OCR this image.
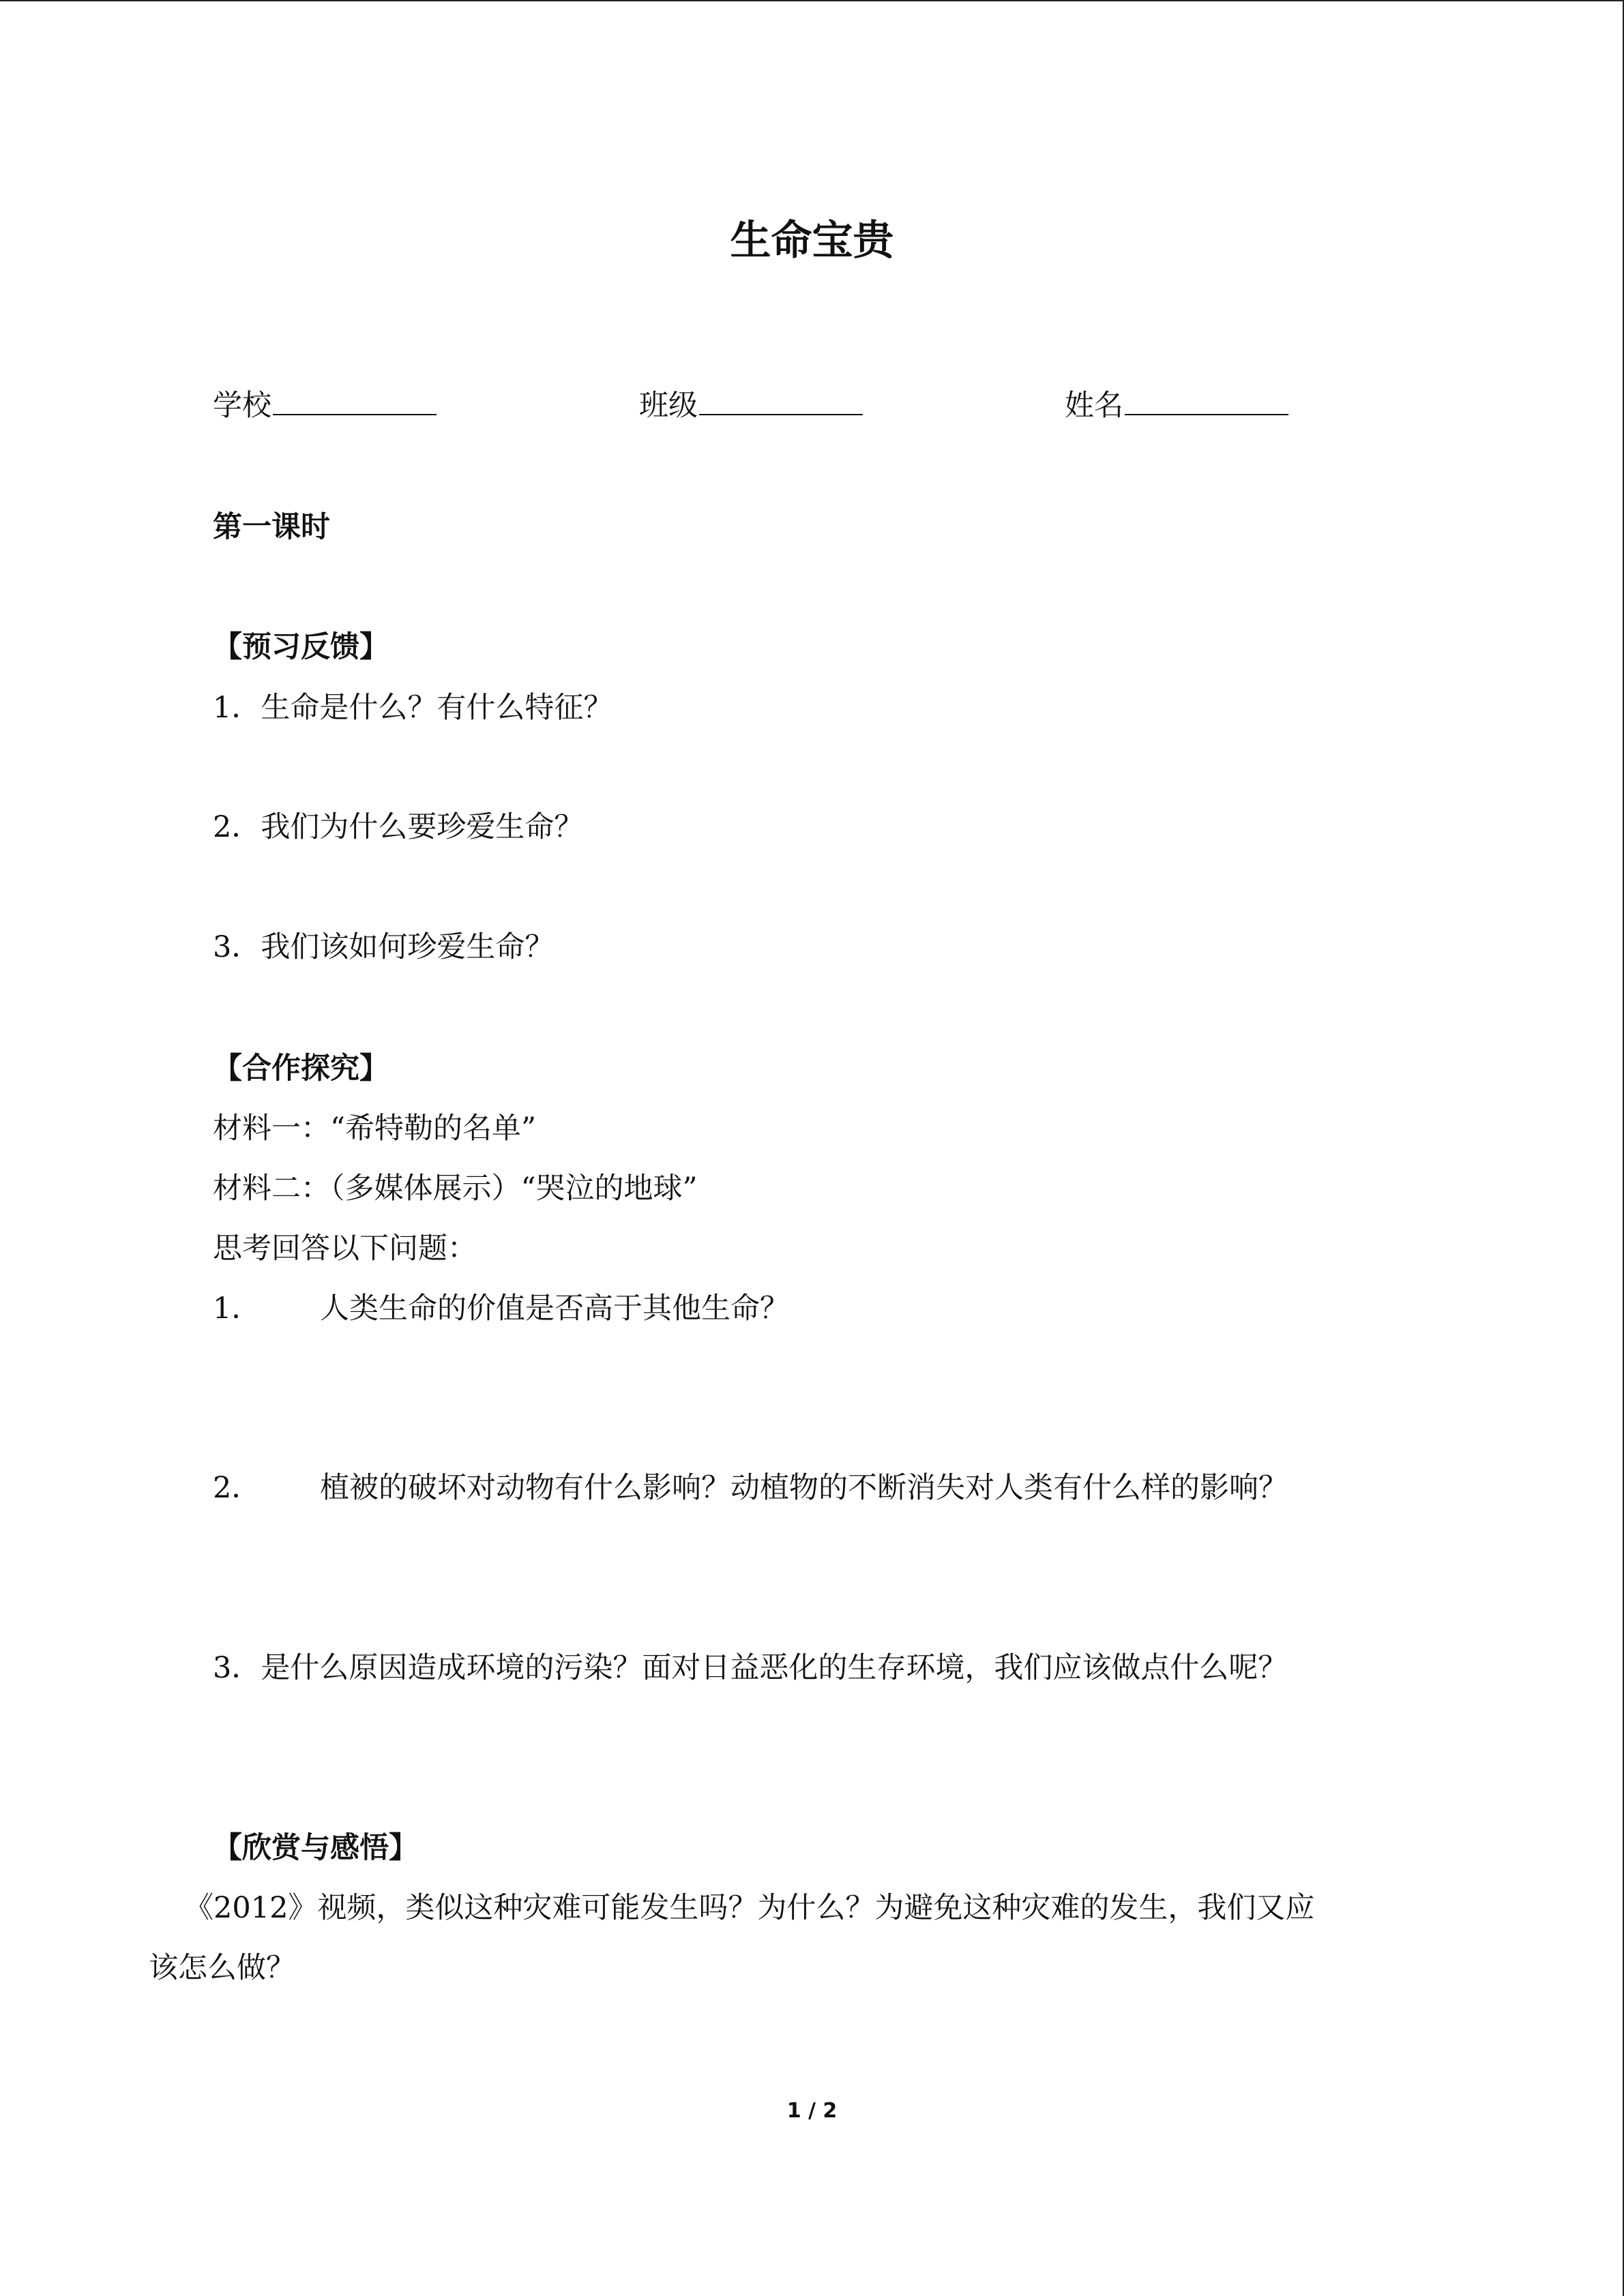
生命宝贵
学校	班级	姓名
第一课时
【预习反馈】
1．生命是什么？有什么特征？
2．我们为什么要珍爱生命？
3．我们该如何珍爱生命？
【合作探究】
材料一：“希特勒的名单”
材料二：（多媒体展示）“哭泣的地球”
思考回答以下问题：
1． 人类生命的价值是否高于其他生命？
2． 植被的破坏对动物有什么影响？动植物的不断消失对人类有什么样的影响？
3．是什么原因造成环境的污染？面对日益恶化的生存环境，我们应该做点什么呢？
【欣赏与感悟】
《2012》视频，类似这种灾难可能发生吗？为什么？为避免这种灾难的发生，我们又应
该怎么做？
1 / 2
